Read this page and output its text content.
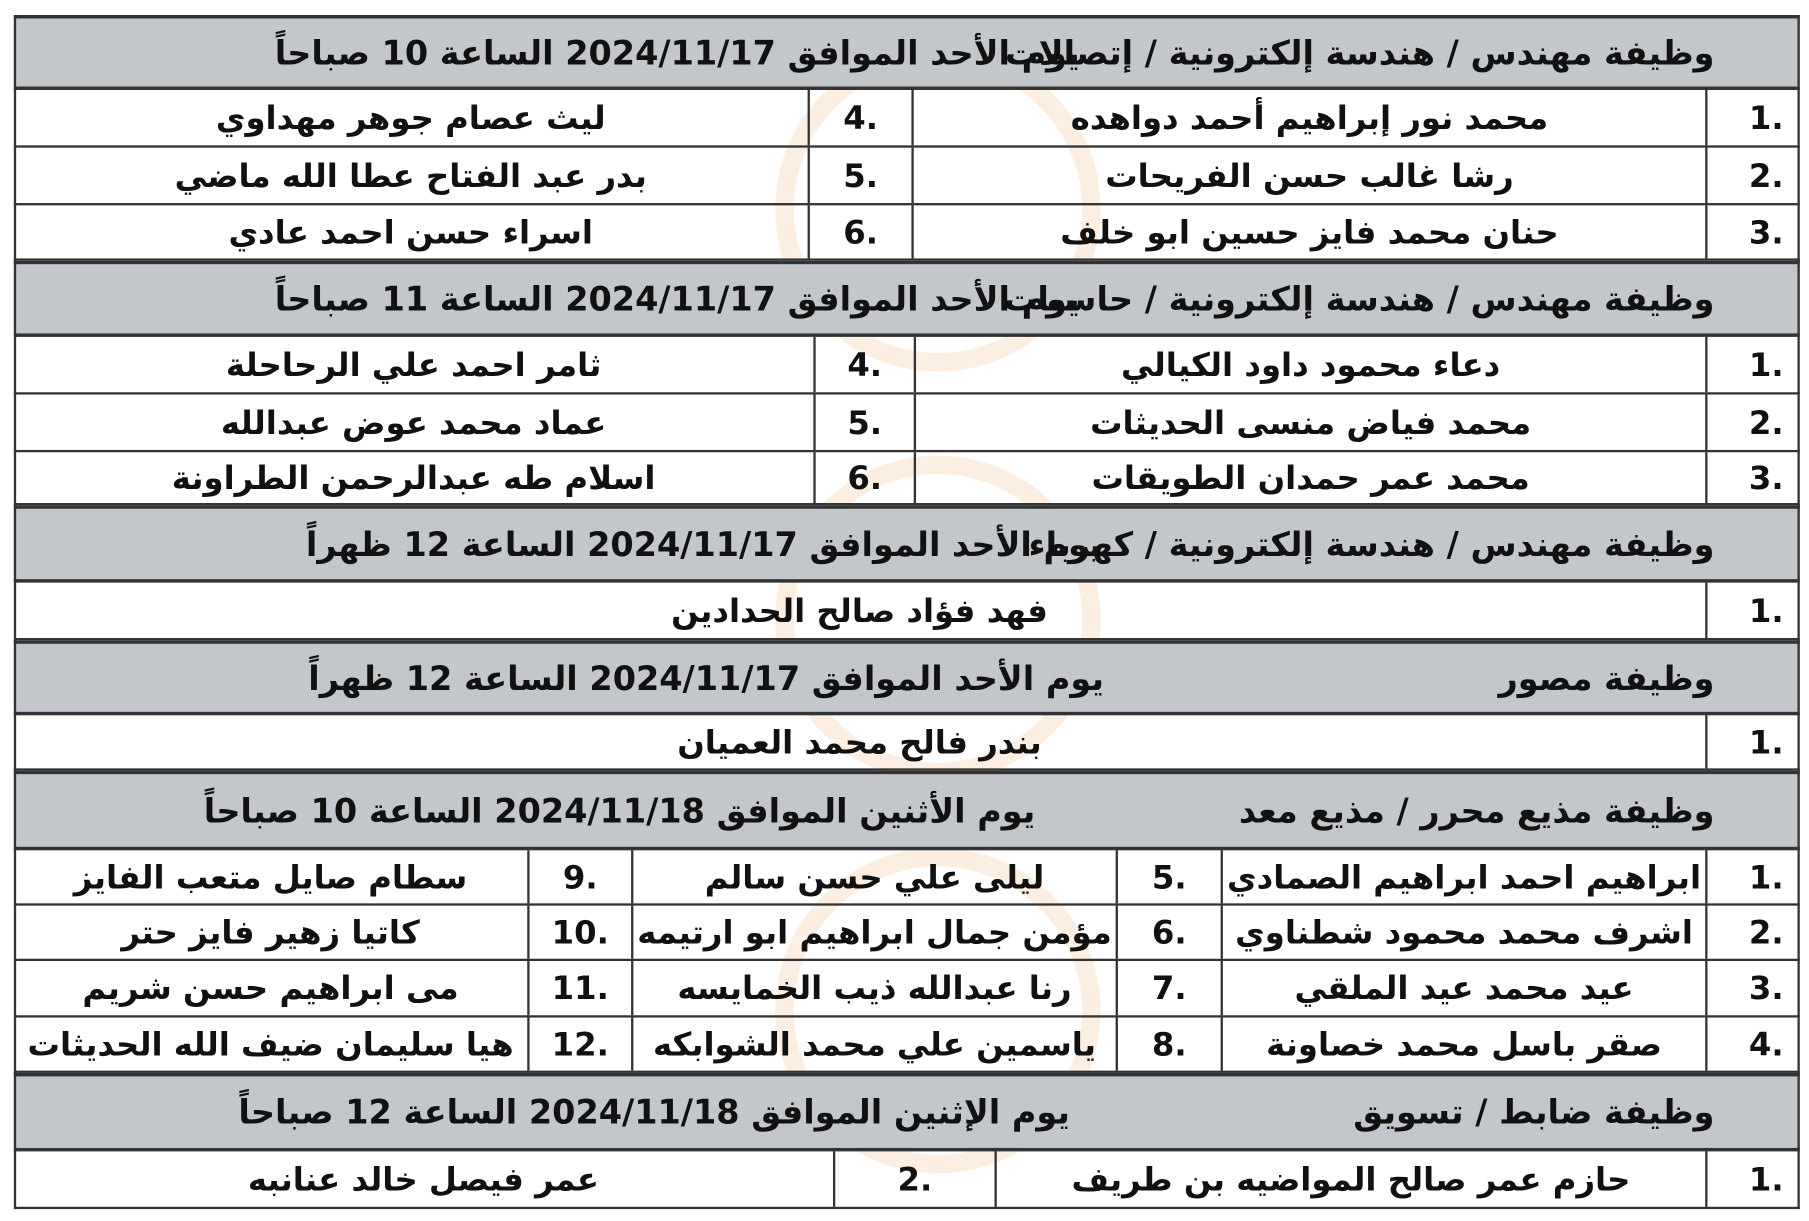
وظيفة مهندس / هندسة إلكترونية / إتصالات
يوم الأحد الموافق 2024/11/17 الساعة 10 صباحاً
1.
محمد نور إبراهيم أحمد دواهده
4.
ليث عصام جوهر مهداوي
2.
رشا غالب حسن الفريحات
5.
بدر عبد الفتاح عطا الله ماضي
3.
حنان محمد فايز حسين ابو خلف
6.
اسراء حسن احمد عادي
وظيفة مهندس / هندسة إلكترونية / حاسبات
يوم الأحد الموافق 2024/11/17 الساعة 11 صباحاً
1.
دعاء محمود داود الكيالي
4.
ثامر احمد علي الرحاحلة
2.
محمد فياض منسى الحديثات
5.
عماد محمد عوض عبدالله
3.
محمد عمر حمدان الطويقات
6.
اسلام طه عبدالرحمن الطراونة
وظيفة مهندس / هندسة إلكترونية / كهرباء
يوم الأحد الموافق 2024/11/17 الساعة 12 ظهراً
1.
فهد فؤاد صالح الحدادين
وظيفة مصور
يوم الأحد الموافق 2024/11/17 الساعة 12 ظهراً
1.
بندر فالح محمد العميان
وظيفة مذيع محرر / مذيع معد
يوم الأثنين الموافق 2024/11/18 الساعة 10 صباحاً
1.
ابراهيم احمد ابراهيم الصمادي
5.
ليلى علي حسن سالم
9.
سطام صايل متعب الفايز
2.
اشرف محمد محمود شطناوي
6.
مؤمن جمال ابراهيم ابو ارتيمه
10.
كاتيا زهير فايز حتر
3.
عيد محمد عيد الملقي
7.
رنا عبدالله ذيب الخمايسه
11.
مى ابراهيم حسن شريم
4.
صقر باسل محمد خصاونة
8.
ياسمين علي محمد الشوابكه
12.
هيا سليمان ضيف الله الحديثات
وظيفة ضابط / تسويق
يوم الإثنين الموافق 2024/11/18 الساعة 12 صباحاً
1.
حازم عمر صالح المواضيه بن طريف
2.
عمر فيصل خالد عنانبه
